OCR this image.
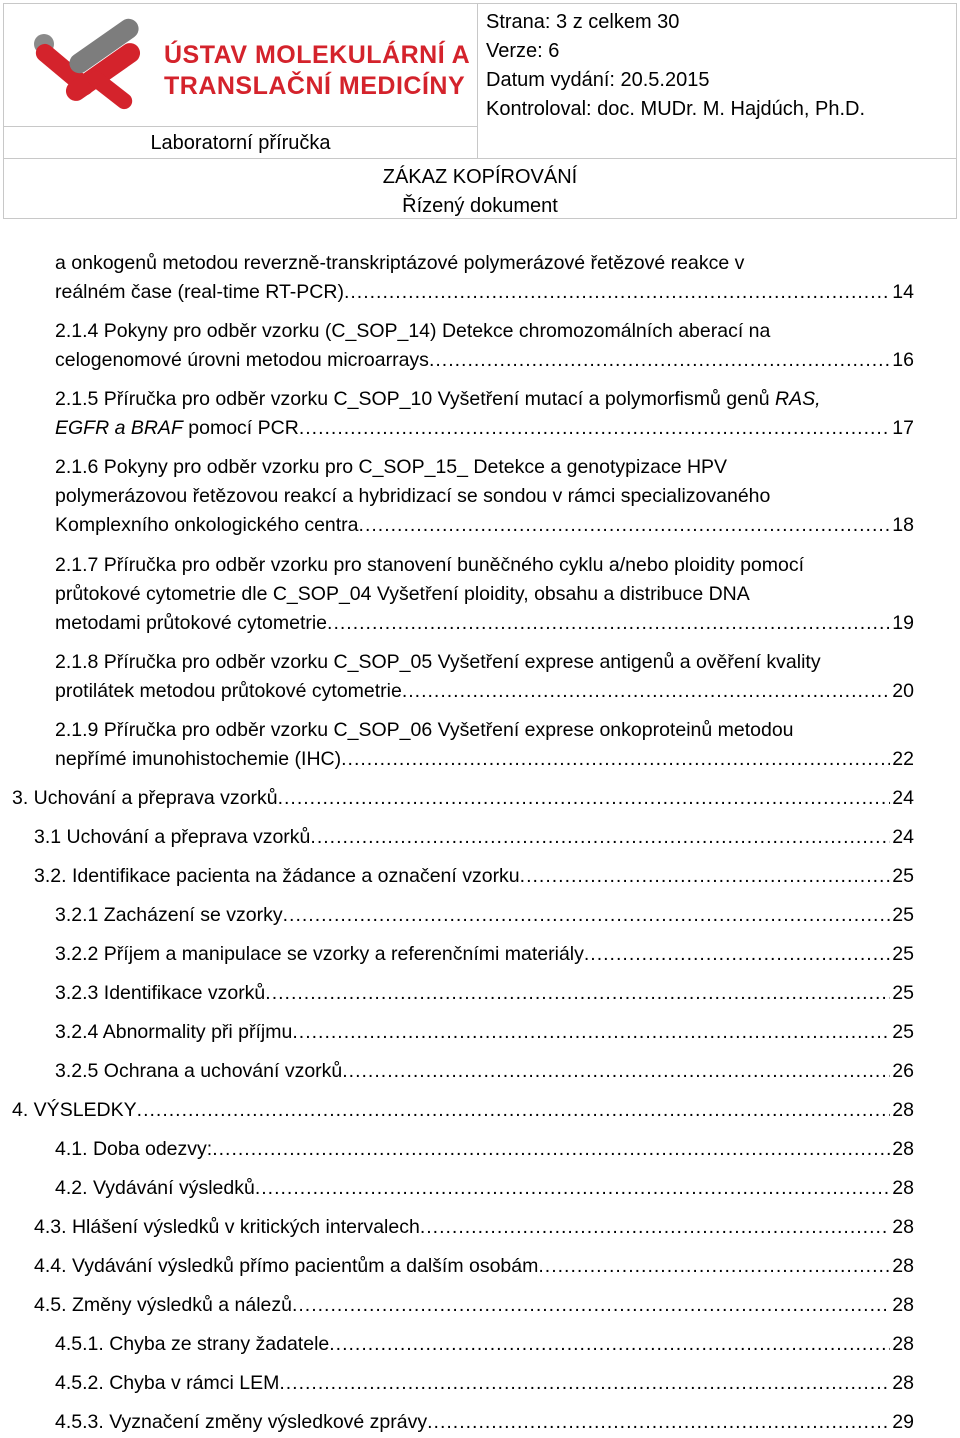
ÚSTAV MOLEKULÁRNÍ A
TRANSLAČNÍ MEDICÍNY
Strana: 3 z celkem 30
Verze: 6
Datum vydání: 20.5.2015
Kontroloval: doc. MUDr. M. Hajdúch, Ph.D.
Laboratorní příručka
ZÁKAZ KOPÍROVÁNÍ
Řízený dokument
a onkogenů metodou reverzně-transkriptázové polymerázové řetězové reakce v
reálném čase (real-time RT-PCR) .....	14
2.1.4 Pokyny pro odběr vzorku (C_SOP_14) Detekce chromozomálních aberací na
celogenomové úrovni metodou microarrays .....	16
2.1.5 Příručka pro odběr vzorku C_SOP_10 Vyšetření mutací a polymorfismů genů RAS,
EGFR a BRAF pomocí PCR .....	17
2.1.6 Pokyny pro odběr vzorku pro C_SOP_15_ Detekce a genotypizace HPV
polymerázovou řetězovou reakcí a hybridizací se sondou v rámci specializovaného
Komplexního onkologického centra .....	18
2.1.7 Příručka pro odběr vzorku pro stanovení buněčného cyklu a/nebo ploidity pomocí
průtokové cytometrie dle C_SOP_04 Vyšetření ploidity, obsahu a distribuce DNA
metodami průtokové cytometrie .....	19
2.1.8 Příručka pro odběr vzorku C_SOP_05 Vyšetření exprese antigenů a ověření kvality
protilátek metodou průtokové cytometrie .....	20
2.1.9 Příručka pro odběr vzorku C_SOP_06 Vyšetření exprese onkoproteinů metodou
nepřímé imunohistochemie (IHC) .....	22
3. Uchování a přeprava vzorků .....	24
3.1 Uchování a přeprava vzorků .....	24
3.2. Identifikace pacienta na žádance a označení vzorku .....	25
3.2.1 Zacházení se vzorky .....	25
3.2.2 Příjem a manipulace se vzorky a referenčními materiály .....	25
3.2.3 Identifikace vzorků .....	25
3.2.4 Abnormality při příjmu .....	25
3.2.5 Ochrana a uchování vzorků .....	26
4. VÝSLEDKY .....	28
4.1. Doba odezvy: .....	28
4.2. Vydávání výsledků .....	28
4.3. Hlášení výsledků v kritických intervalech .....	28
4.4. Vydávání výsledků přímo pacientům a dalším osobám .....	28
4.5. Změny výsledků a nálezů .....	28
4.5.1. Chyba ze strany žadatele .....	28
4.5.2. Chyba v rámci LEM .....	28
4.5.3. Vyznačení změny výsledkové zprávy .....	29
